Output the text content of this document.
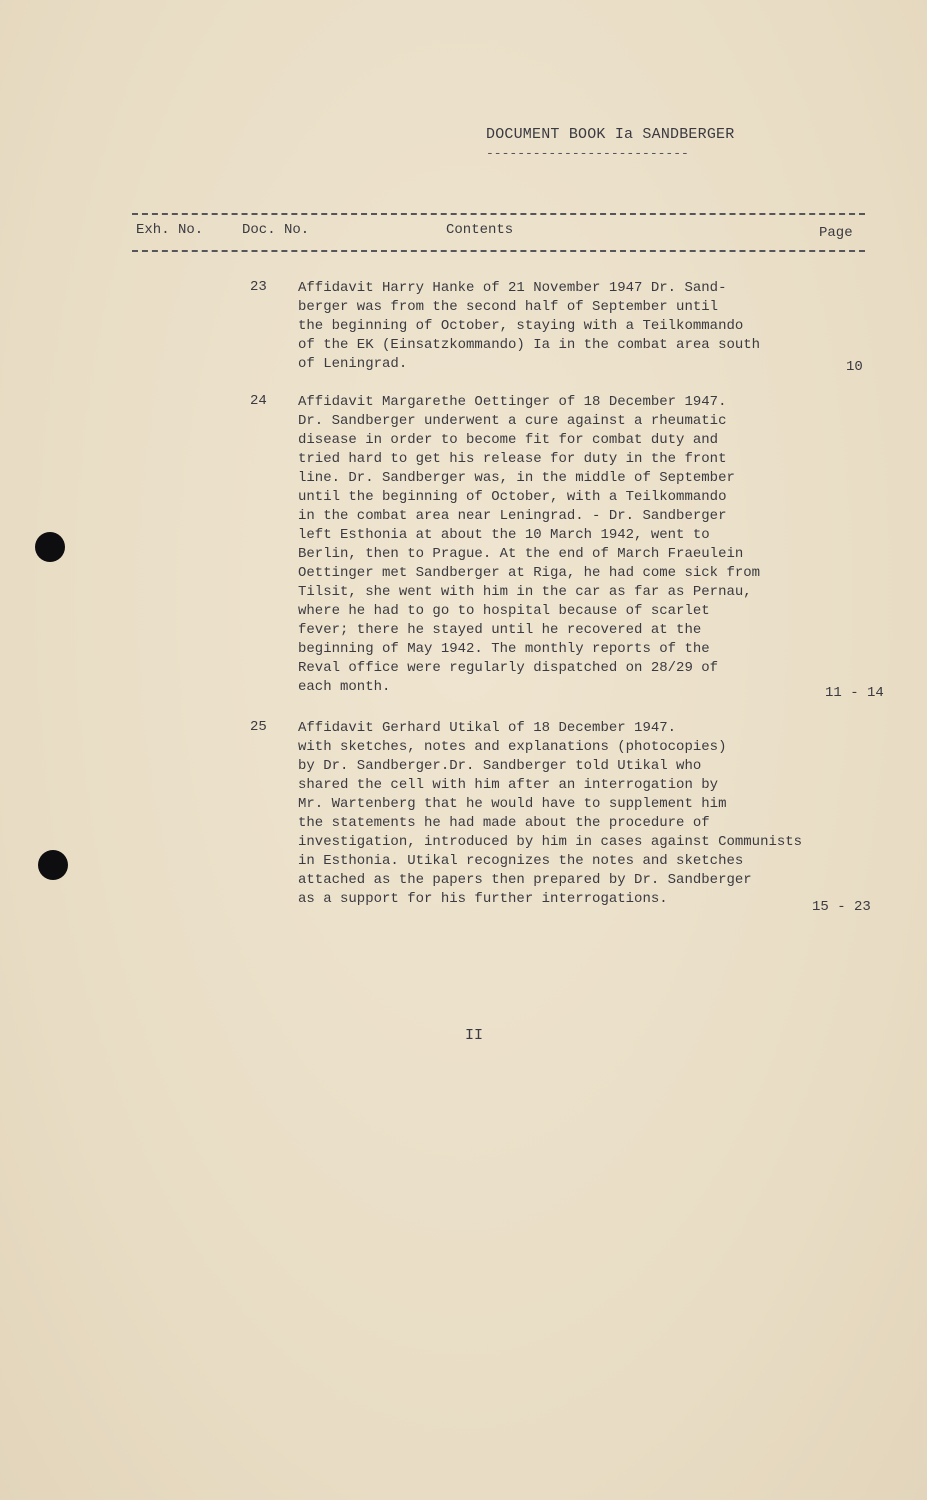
DOCUMENT BOOK Ia SANDBERGER
--------------------------
Exh. No.	Doc. No.	Contents	Page
23 Affidavit Harry Hanke of 21 November 1947 Dr. Sand-
berger was from the second half of September until
the beginning of October, staying with a Teilkommando
of the EK (Einsatzkommando) Ia in the combat area south
of Leningrad.	10
24 Affidavit Margarethe Oettinger of 18 December 1947.
Dr. Sandberger underwent a cure against a rheumatic
disease in order to become fit for combat duty and
tried hard to get his release for duty in the front
line. Dr. Sandberger was, in the middle of September
until the beginning of October, with a Teilkommando
in the combat area near Leningrad. - Dr. Sandberger
left Esthonia at about the 10 March 1942, went to
Berlin, then to Prague. At the end of March Fraeulein
Oettinger met Sandberger at Riga, he had come sick from
Tilsit, she went with him in the car as far as Pernau,
where he had to go to hospital because of scarlet
fever; there he stayed until he recovered at the
beginning of May 1942. The monthly reports of the
Reval office were regularly dispatched on 28/29 of
each month.	11 - 14
25 Affidavit Gerhard Utikal of 18 December 1947.
with sketches, notes and explanations (photocopies)
by Dr. Sandberger.Dr. Sandberger told Utikal who
shared the cell with him after an interrogation by
Mr. Wartenberg that he would have to supplement him
the statements he had made about the procedure of
investigation, introduced by him in cases against Communists
in Esthonia. Utikal recognizes the notes and sketches
attached as the papers then prepared by Dr. Sandberger
as a support for his further interrogations.	15 - 23
II
